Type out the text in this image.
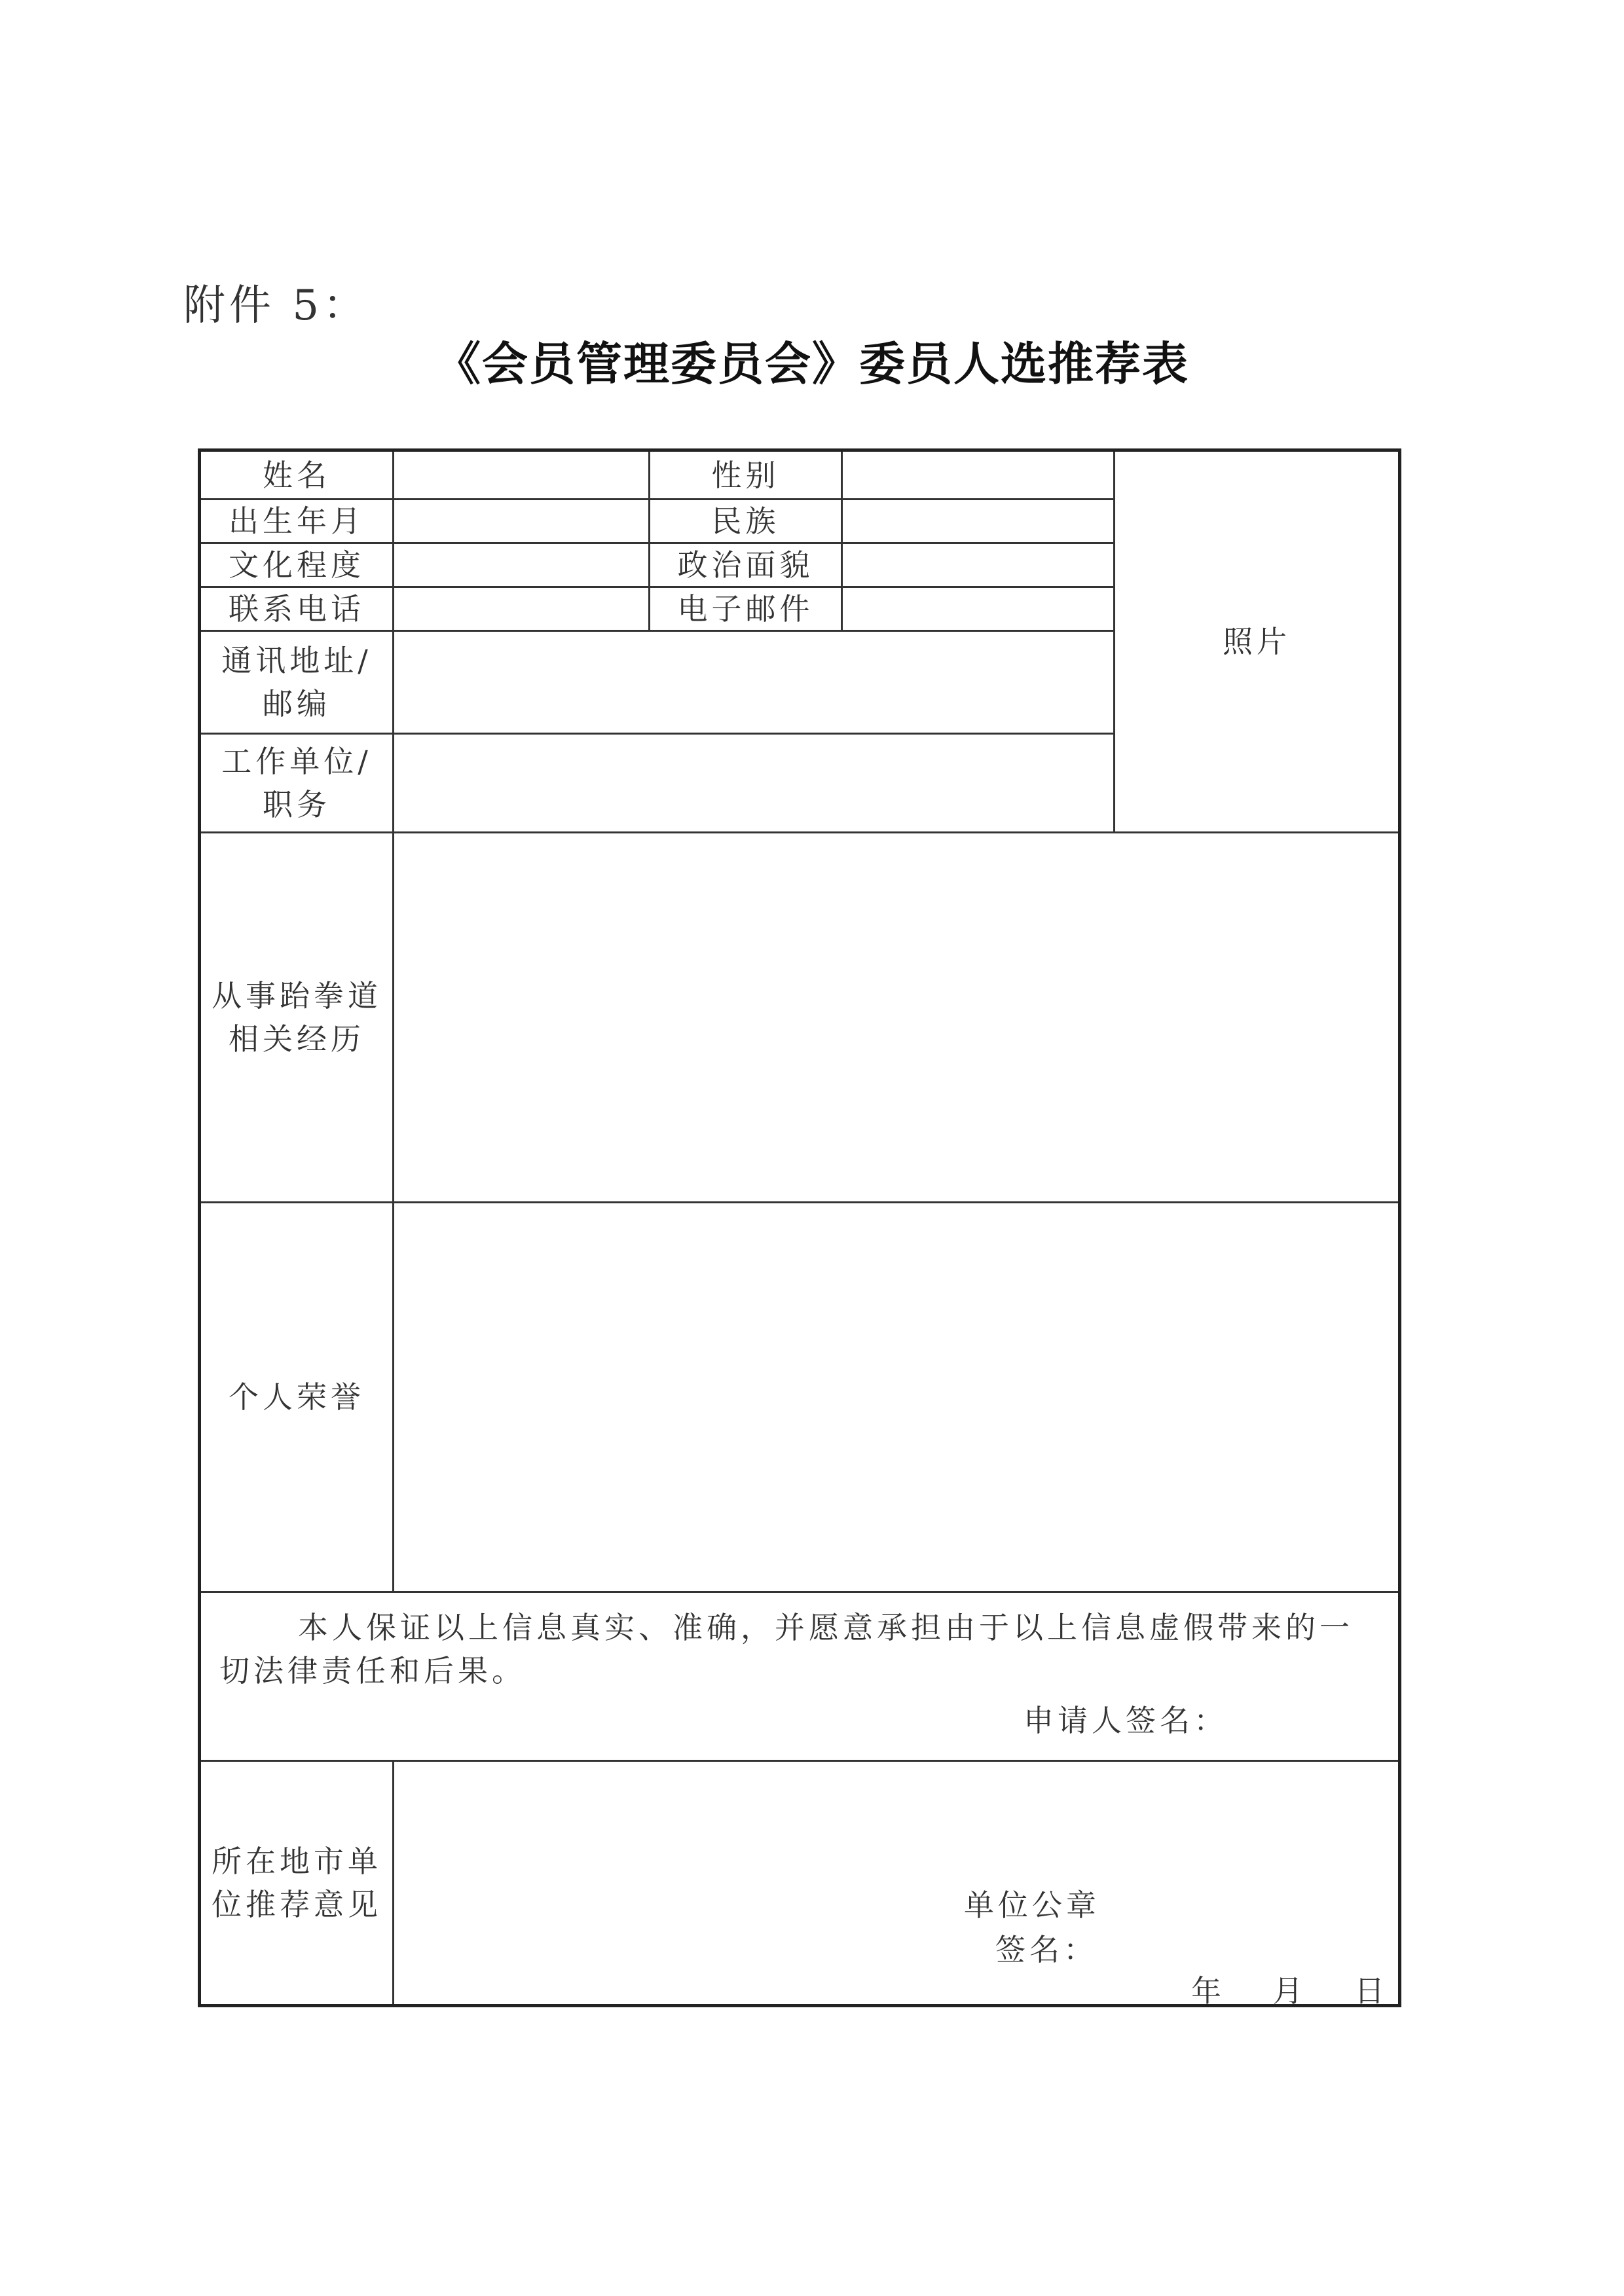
附件 5：
《会员管理委员会》委员人选推荐表
姓名	性别
出生年月	民族
文化程度	政治面貌
联系电话	电子邮件
照片
通讯地址/邮编
工作单位/职务
从事跆拳道相关经历
个人荣誉
本人保证以上信息真实、准确，并愿意承担由于以上信息虚假带来的一切法律责任和后果。
申请人签名：
所在地市单位推荐意见	单位公章
签名：
年　 月　 日
